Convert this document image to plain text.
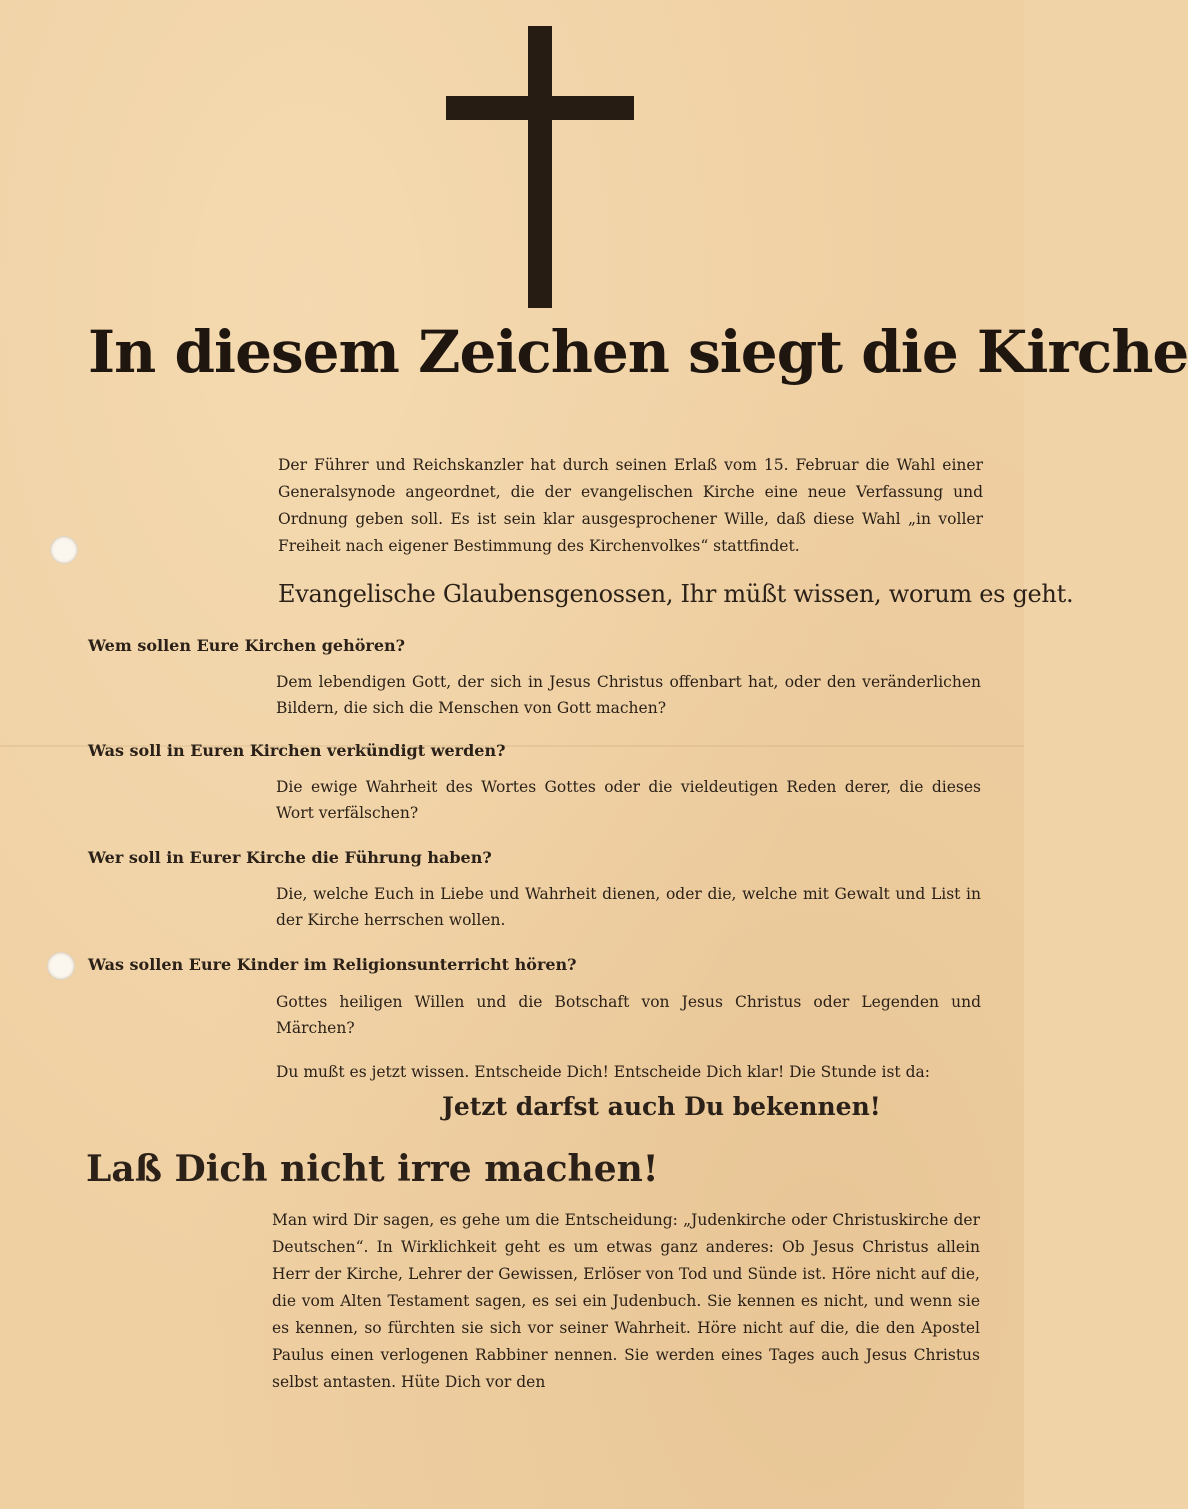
In diesem Zeichen siegt die Kirche
Der Führer und Reichskanzler hat durch seinen Erlaß vom 15. Februar die Wahl einer Generalsynode angeordnet, die der evangelischen Kirche eine neue Verfassung und Ordnung geben soll. Es ist sein klar ausgesprochener Wille, daß diese Wahl „in voller Freiheit nach eigener Bestimmung des Kirchenvolkes“ stattfindet.
Evangelische Glaubensgenossen, Ihr müßt wissen, worum es geht.
Wem sollen Eure Kirchen gehören?
Dem lebendigen Gott, der sich in Jesus Christus offenbart hat, oder den veränderlichen Bildern, die sich die Menschen von Gott machen?
Was soll in Euren Kirchen verkündigt werden?
Die ewige Wahrheit des Wortes Gottes oder die vieldeutigen Reden derer, die dieses Wort verfälschen?
Wer soll in Eurer Kirche die Führung haben?
Die, welche Euch in Liebe und Wahrheit dienen, oder die, welche mit Gewalt und List in der Kirche herrschen wollen.
Was sollen Eure Kinder im Religionsunterricht hören?
Gottes heiligen Willen und die Botschaft von Jesus Christus oder Legenden und Märchen?
Du mußt es jetzt wissen. Entscheide Dich! Entscheide Dich klar! Die Stunde ist da:
Jetzt darfst auch Du bekennen!
Laß Dich nicht irre machen!
Man wird Dir sagen, es gehe um die Entscheidung: „Judenkirche oder Christuskirche der Deutschen“. In Wirklichkeit geht es um etwas ganz anderes: Ob Jesus Christus allein Herr der Kirche, Lehrer der Gewissen, Erlöser von Tod und Sünde ist. Höre nicht auf die, die vom Alten Testament sagen, es sei ein Judenbuch. Sie kennen es nicht, und wenn sie es kennen, so fürchten sie sich vor seiner Wahrheit. Höre nicht auf die, die den Apostel Paulus einen verlogenen Rabbiner nennen. Sie werden eines Tages auch Jesus Christus selbst antasten. Hüte Dich vor den
